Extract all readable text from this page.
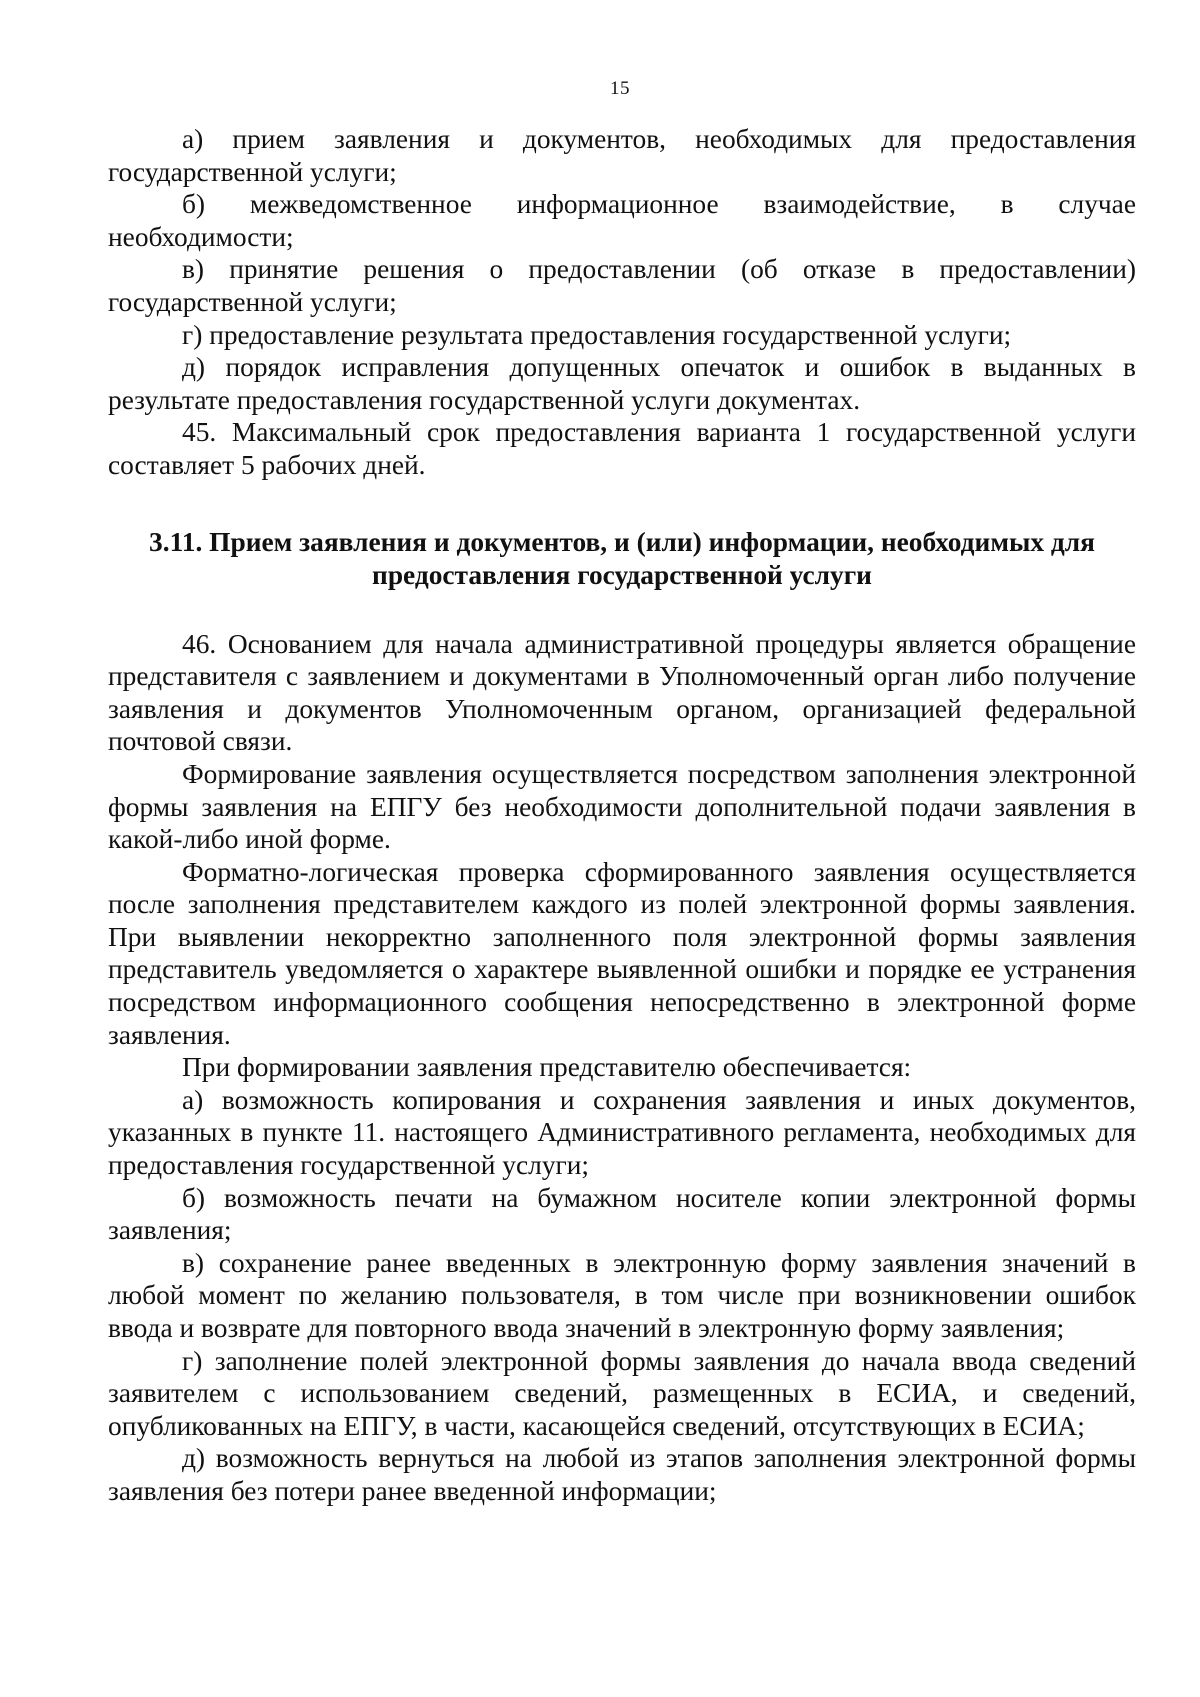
15

а) прием заявления и документов, необходимых для предоставления государственной услуги;

б) межведомственное информационное взаимодействие, в случае необходимости;

в) принятие решения о предоставлении (об отказе в предоставлении) государственной услуги;

г) предоставление результата предоставления государственной услуги;

д) порядок исправления допущенных опечаток и ошибок в выданных в результате предоставления государственной услуги документах.

45. Максимальный срок предоставления варианта 1 государственной услуги составляет 5 рабочих дней.

3.11. Прием заявления и документов, и (или) информации, необходимых для предоставления государственной услуги

46. Основанием для начала административной процедуры является обращение представителя с заявлением и документами в Уполномоченный орган либо получение заявления и документов Уполномоченным органом, организацией федеральной почтовой связи.

Формирование заявления осуществляется посредством заполнения электронной формы заявления на ЕПГУ без необходимости дополнительной подачи заявления в какой-либо иной форме.

Форматно-логическая проверка сформированного заявления осуществляется после заполнения представителем каждого из полей электронной формы заявления. При выявлении некорректно заполненного поля электронной формы заявления представитель уведомляется о характере выявленной ошибки и порядке ее устранения посредством информационного сообщения непосредственно в электронной форме заявления.

При формировании заявления представителю обеспечивается:

а) возможность копирования и сохранения заявления и иных документов, указанных в пункте 11. настоящего Административного регламента, необходимых для предоставления государственной услуги;

б) возможность печати на бумажном носителе копии электронной формы заявления;

в) сохранение ранее введенных в электронную форму заявления значений в любой момент по желанию пользователя, в том числе при возникновении ошибок ввода и возврате для повторного ввода значений в электронную форму заявления;

г) заполнение полей электронной формы заявления до начала ввода сведений заявителем с использованием сведений, размещенных в ЕСИА, и сведений, опубликованных на ЕПГУ, в части, касающейся сведений, отсутствующих в ЕСИА;

д) возможность вернуться на любой из этапов заполнения электронной формы заявления без потери ранее введенной информации;
